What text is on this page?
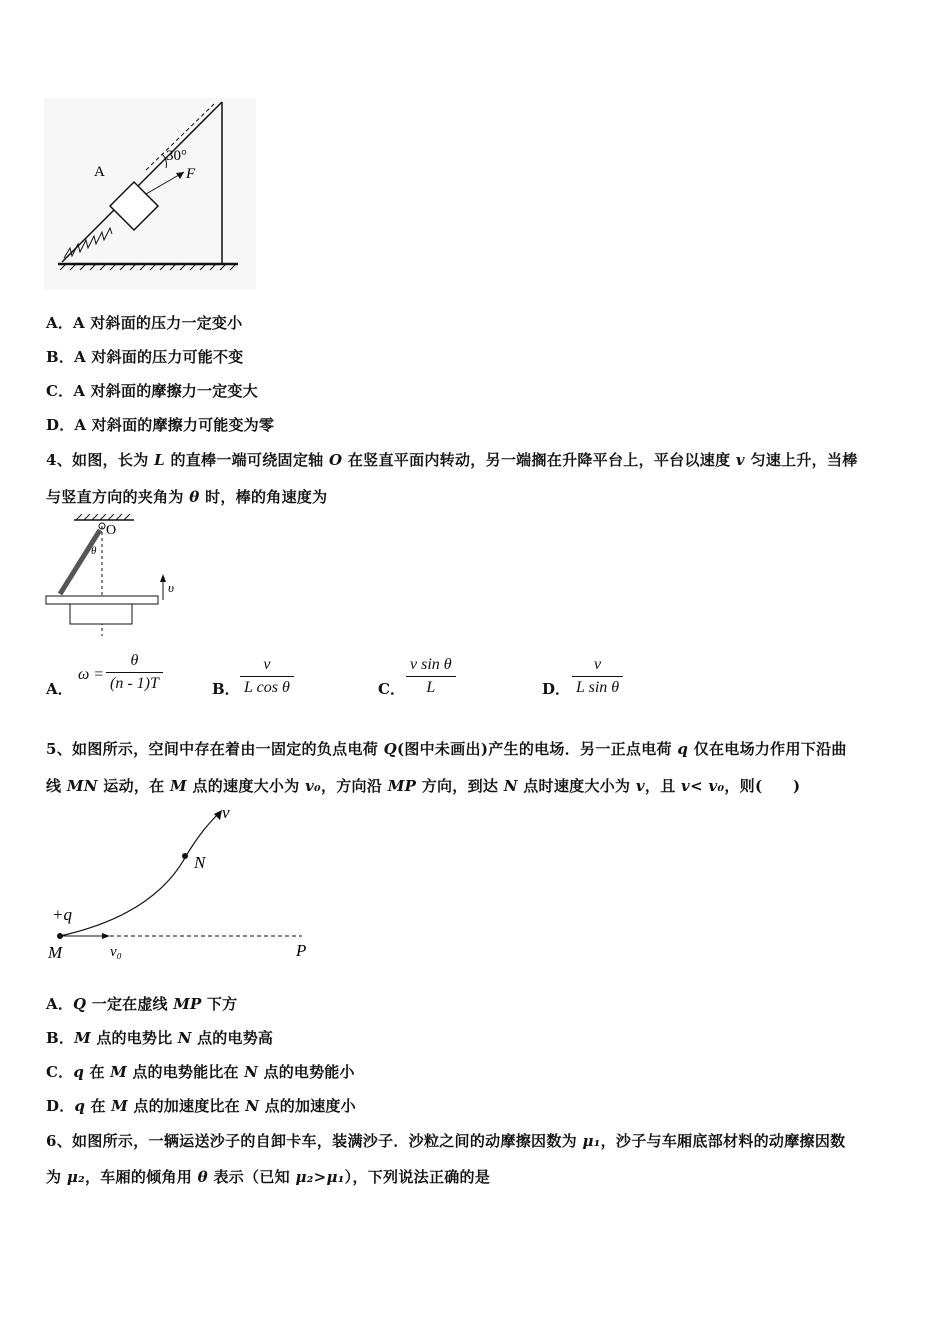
A
30°
F
A．A 对斜面的压力一定变小
B．A 对斜面的压力可能不变
C．A 对斜面的摩擦力一定变大
D．A 对斜面的摩擦力可能变为零
4、如图，长为 L 的直棒一端可绕固定轴 O 在竖直平面内转动，另一端搁在升降平台上，平台以速度 v 匀速上升，当棒
与竖直方向的夹角为 θ 时，棒的角速度为
O
θ
υ
A．
$\omega = \frac{\theta}{(n - 1)T}$	B． $\frac{v}{\text{L cos θ}}$	C． $\frac{\text{v sin θ}}{L}$	D． $\frac{v}{\text{L sin θ}}$
5、如图所示，空间中存在着由一固定的负点电荷 Q(图中未画出)产生的电场．另一正点电荷 q 仅在电场力作用下沿曲
线 MN 运动，在 M 点的速度大小为 v₀，方向沿 MP 方向，到达 N 点时速度大小为 v，且 v< v₀，则(　　)
v
N
+q
M	v₀	P
A．Q 一定在虚线 MP 下方
B．M 点的电势比 N 点的电势高
C．q 在 M 点的电势能比在 N 点的电势能小
D．q 在 M 点的加速度比在 N 点的加速度小
6、如图所示，一辆运送沙子的自卸卡车，装满沙子．沙粒之间的动摩擦因数为 μ₁，沙子与车厢底部材料的动摩擦因数
为 μ₂，车厢的倾角用 θ 表示（已知 μ₂>μ₁），下列说法正确的是
